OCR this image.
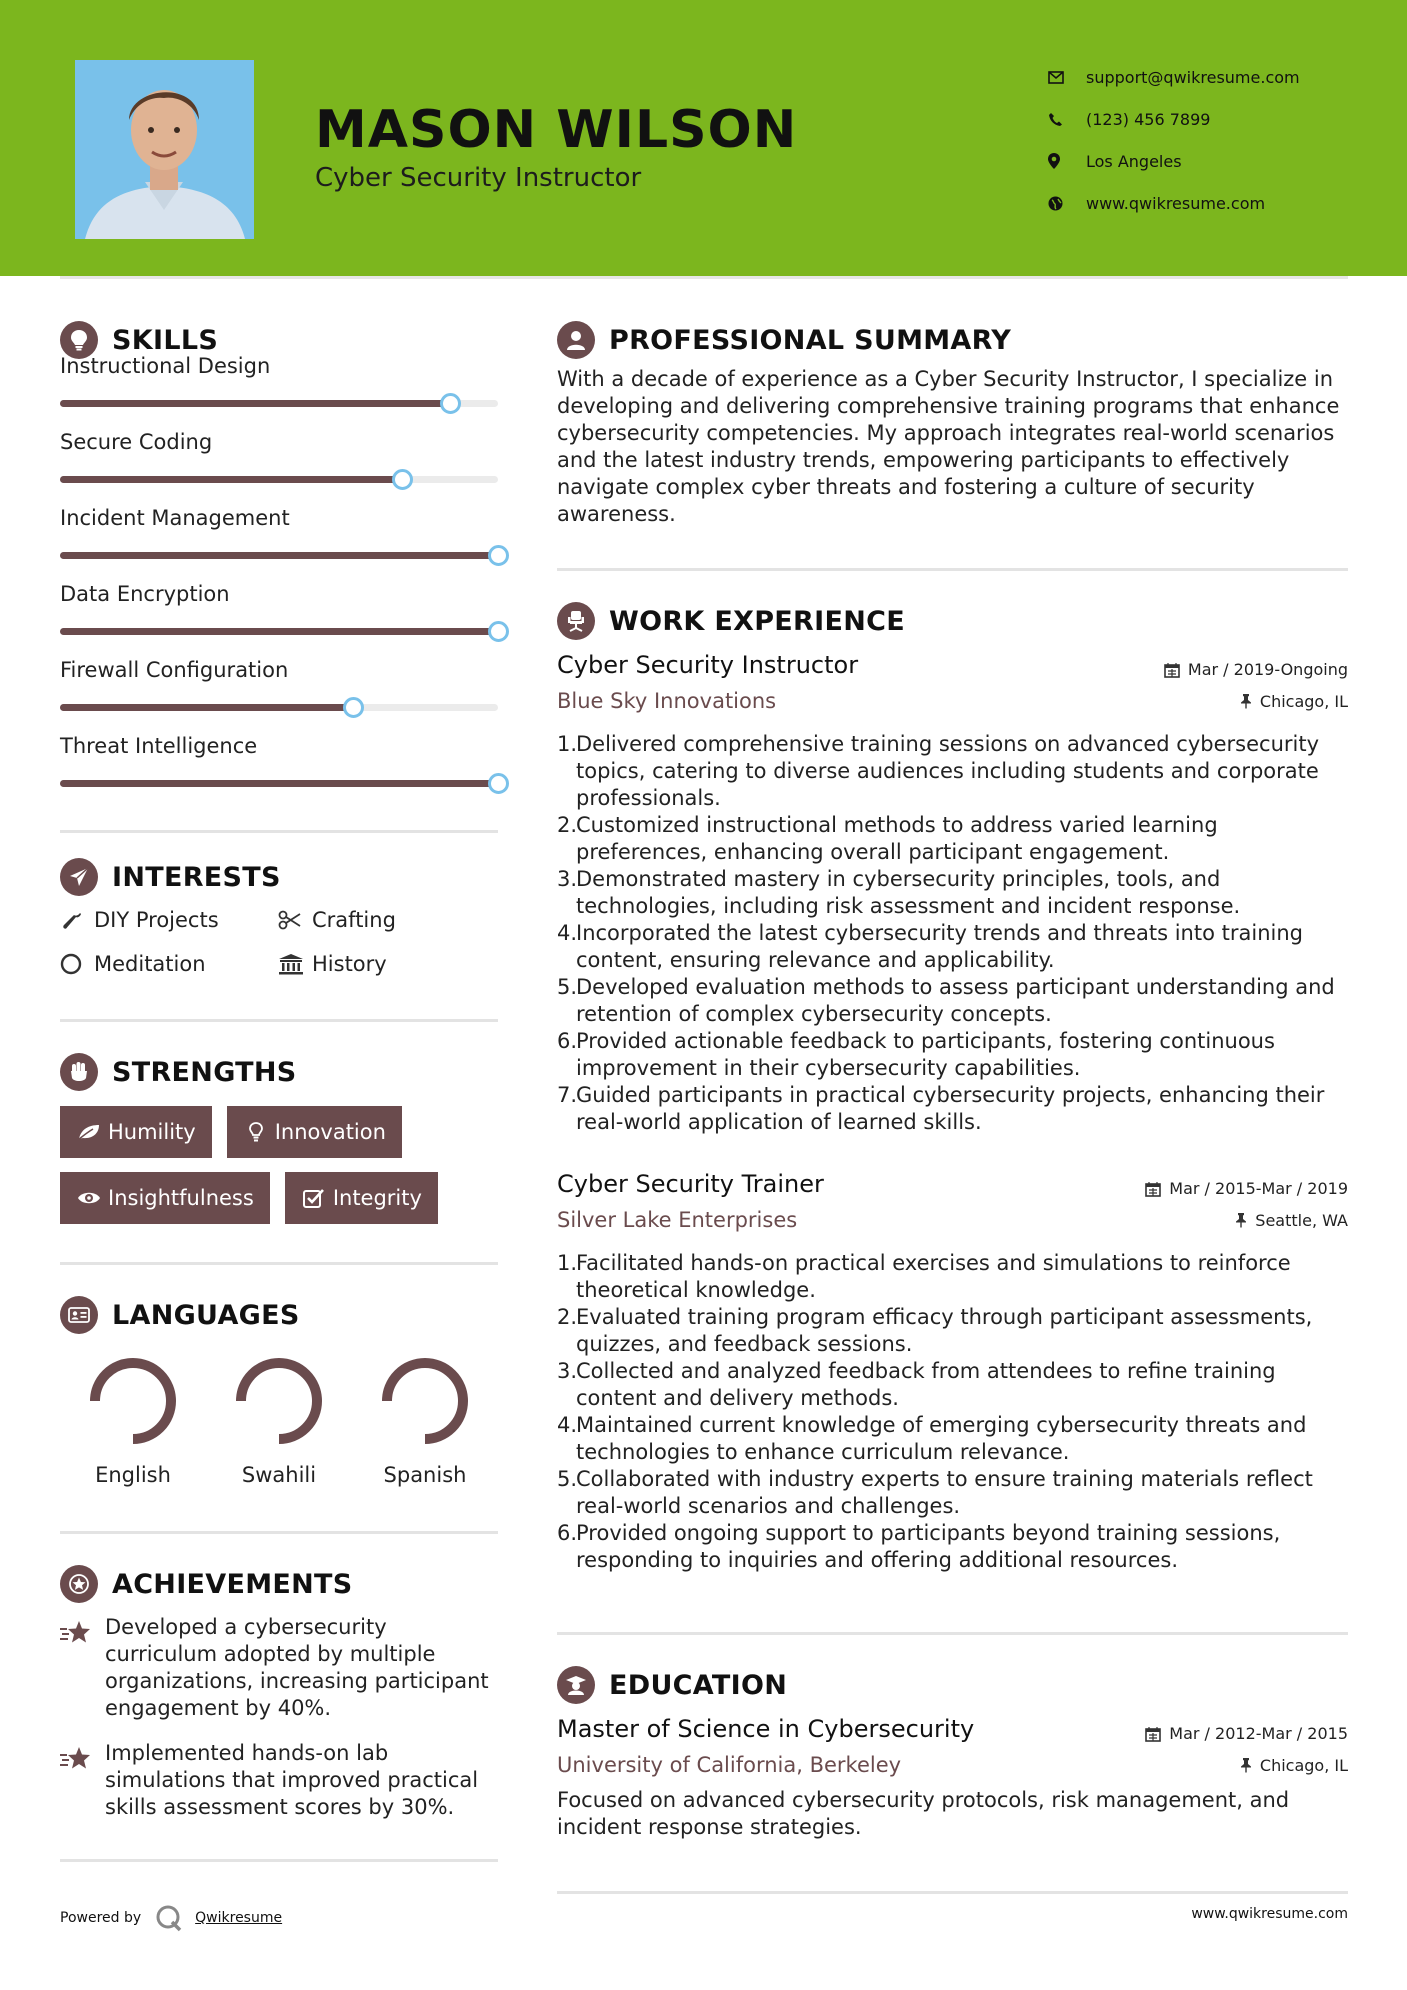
MASON WILSON
Cyber Security Instructor
support@qwikresume.com
(123) 456 7899
Los Angeles
www.qwikresume.com
SKILLS
Instructional Design
Secure Coding
Incident Management
Data Encryption
Firewall Configuration
Threat Intelligence
INTERESTS
DIY Projects	Crafting
Meditation	History
STRENGTHS
Humility	Innovation
Insightfulness	Integrity
LANGUAGES
English	Swahili	Spanish
ACHIEVEMENTS
Developed a cybersecurity curriculum adopted by multiple organizations, increasing participant engagement by 40%.
Implemented hands-on lab simulations that improved practical skills assessment scores by 30%.
PROFESSIONAL SUMMARY

With a decade of experience as a Cyber Security Instructor, I specialize in developing and delivering comprehensive training programs that enhance cybersecurity competencies. My approach integrates real-world scenarios and the latest industry trends, empowering participants to effectively navigate complex cyber threats and fostering a culture of security awareness.

WORK EXPERIENCE
Cyber Security Instructor	Mar / 2019-Ongoing
Blue Sky Innovations	Chicago, IL
1.
Delivered comprehensive training sessions on advanced cybersecurity topics, catering to diverse audiences including students and corporate professionals.
2.
Customized instructional methods to address varied learning preferences, enhancing overall participant engagement.
3.
Demonstrated mastery in cybersecurity principles, tools, and technologies, including risk assessment and incident response.
4.
Incorporated the latest cybersecurity trends and threats into training content, ensuring relevance and applicability.
5.
Developed evaluation methods to assess participant understanding and retention of complex cybersecurity concepts.
6.
Provided actionable feedback to participants, fostering continuous improvement in their cybersecurity capabilities.
7.
Guided participants in practical cybersecurity projects, enhancing their real-world application of learned skills.
Cyber Security Trainer	Mar / 2015-Mar / 2019
Silver Lake Enterprises	Seattle, WA
1.
Facilitated hands-on practical exercises and simulations to reinforce theoretical knowledge.
2.
Evaluated training program efficacy through participant assessments, quizzes, and feedback sessions.
3.
Collected and analyzed feedback from attendees to refine training content and delivery methods.
4.
Maintained current knowledge of emerging cybersecurity threats and technologies to enhance curriculum relevance.
5.
Collaborated with industry experts to ensure training materials reflect real-world scenarios and challenges.
6.
Provided ongoing support to participants beyond training sessions, responding to inquiries and offering additional resources.
EDUCATION
Master of Science in Cybersecurity	Mar / 2012-Mar / 2015
University of California, Berkeley	Chicago, IL

Focused on advanced cybersecurity protocols, risk management, and incident response strategies.

Powered by	Qwikresume	www.qwikresume.com
